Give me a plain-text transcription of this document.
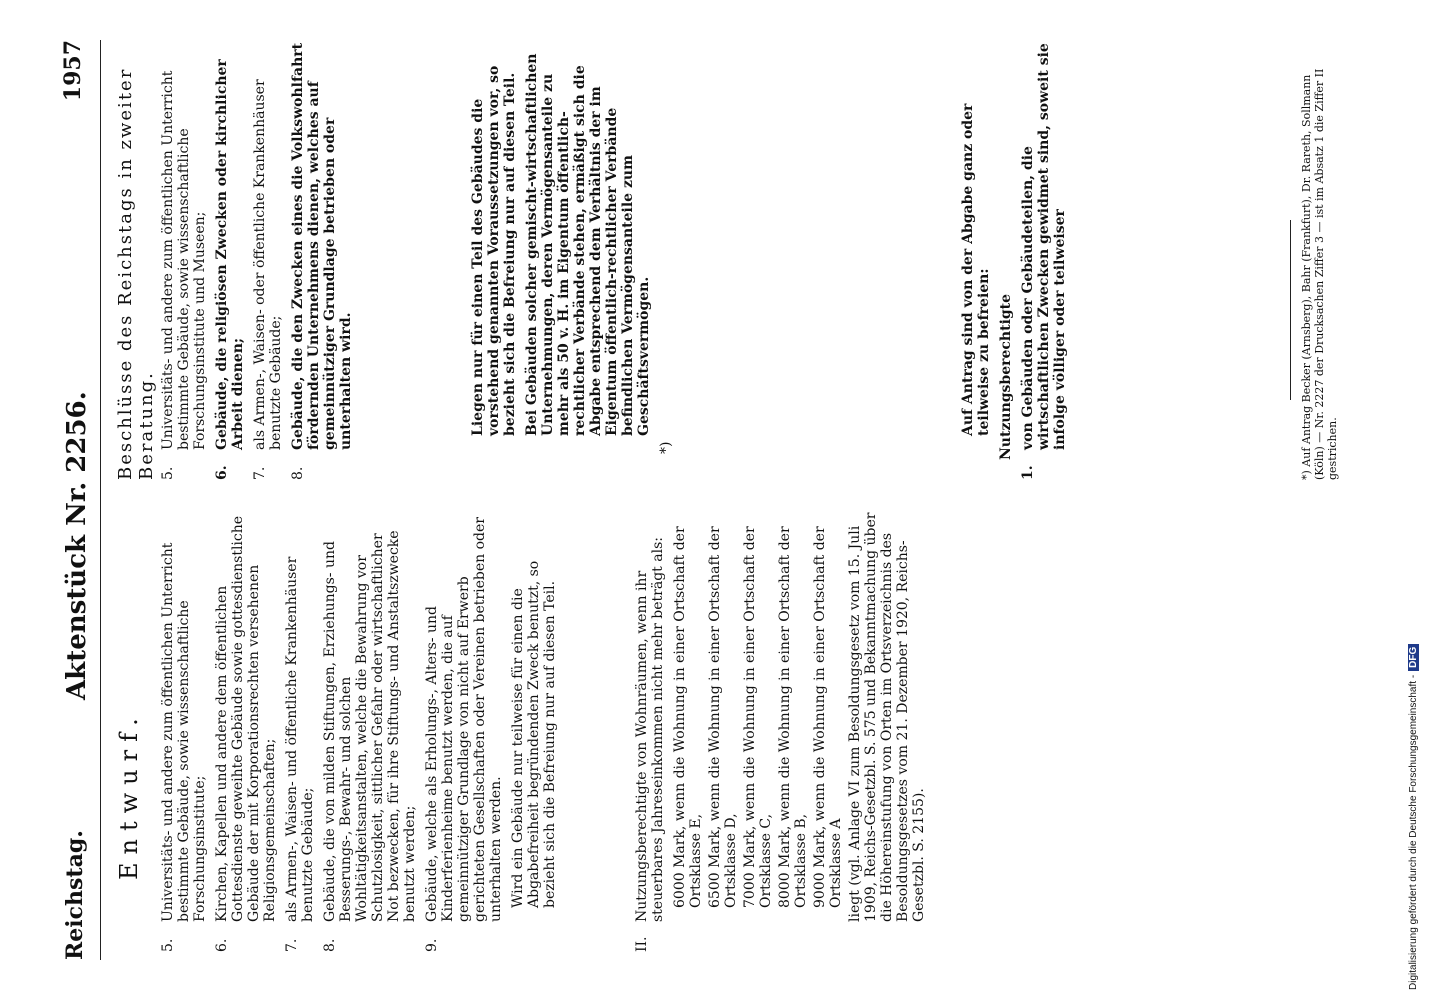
Reichstag.
Aktenstück Nr. 2256.
1957
Entwurf.
5.
Universitäts- und andere zum öffentlichen Unterricht bestimmte Gebäude, sowie wissenschaftliche Forschungsinstitute;
6.
Kirchen, Kapellen und andere dem öffentlichen Gottesdienste geweihte Gebäude sowie gottesdienstliche Gebäude der mit Korporationsrechten versehenen Religionsgemeinschaften;
7.
als Armen-, Waisen- und öffentliche Krankenhäuser benutzte Gebäude;
8.
Gebäude, die von milden Stiftungen, Erziehungs- und Besserungs-, Bewahr- und solchen Wohltätigkeitsanstalten, welche die Bewahrung vor Schutzlosigkeit, sittlicher Gefahr oder wirtschaftlicher Not bezwecken, für ihre Stiftungs- und Anstaltszwecke benutzt werden;
9.
Gebäude, welche als Erholungs-, Alters- und Kinderferienheime benutzt werden, die auf gemeinnütziger Grundlage von nicht auf Erwerb gerichteten Gesellschaften oder Vereinen betrieben oder unterhalten werden. Wird ein Gebäude nur teilweise für einen die Abgabefreiheit begründenden Zweck benutzt, so bezieht sich die Befreiung nur auf diesen Teil.

II.
Nutzungsberechtigte von Wohnräumen, wenn ihr steuerbares Jahreseinkommen nicht mehr beträgt als: 6000 Mark, wenn die Wohnung in einer Ortschaft der Ortsklasse E, 6500 Mark, wenn die Wohnung in einer Ortschaft der Ortsklasse D, 7000 Mark, wenn die Wohnung in einer Ortschaft der Ortsklasse C, 8000 Mark, wenn die Wohnung in einer Ortschaft der Ortsklasse B, 9000 Mark, wenn die Wohnung in einer Ortschaft der Ortsklasse A liegt (vgl. Anlage VI zum Besoldungsgesetz vom 15. Juli 1909, Reichs-Gesetzbl. S. 575 und Bekanntmachung über die Höhereinstufung von Orten im Ortsverzeichnis des Besoldungsgesetzes vom 21. Dezember 1920, Reichs-Gesetzbl. S. 2155).

Beschlüsse des Reichstags in zweiter Beratung. 5.
Universitäts- und andere zum öffentlichen Unterricht bestimmte Gebäude, sowie wissenschaftliche Forschungsinstitute und Museen;
6.
Gebäude, die religiösen Zwecken oder kirchlicher Arbeit dienen;
7.
als Armen-, Waisen- oder öffentliche Krankenhäuser benutzte Gebäude;
8.
Gebäude, die den Zwecken eines die Volkswohlfahrt fördernden Unternehmens dienen, welches auf gemeinnütziger Grundlage betrieben oder unterhalten wird.	Liegen nur für einen Teil des Gebäudes die vorstehend genannten Voraussetzungen vor, so bezieht sich die Befreiung nur auf diesen Teil. Bei Gebäuden solcher gemischt-wirtschaftlichen Unternehmungen, deren Vermögensanteile zu mehr als 50 v. H. im Eigentum öffentlich-rechtlicher Verbände stehen, ermäßigt sich die Abgabe entsprechend dem Verhältnis der im Eigentum öffentlich-rechtlicher Verbände befindlichen Vermögensanteile zum Geschäftsvermögen.

*)

Auf Antrag sind von der Abgabe ganz oder teilweise zu befreien: Nutzungsberechtigte

1.
von Gebäuden oder Gebäudeteilen, die wirtschaftlichen Zwecken gewidmet sind, soweit sie infolge völliger oder teilweiser	*) Auf Antrag Becker (Arnsberg), Bahr (Frankfurt), Dr. Rareth, Sollmann (Köln) — Nr. 2227 der Drucksachen Ziffer 3 — ist im Absatz 1 die Ziffer II gestrichen.
Digitalisierung gefördert durch die Deutsche Forschungsgemeinschaft -DFG
